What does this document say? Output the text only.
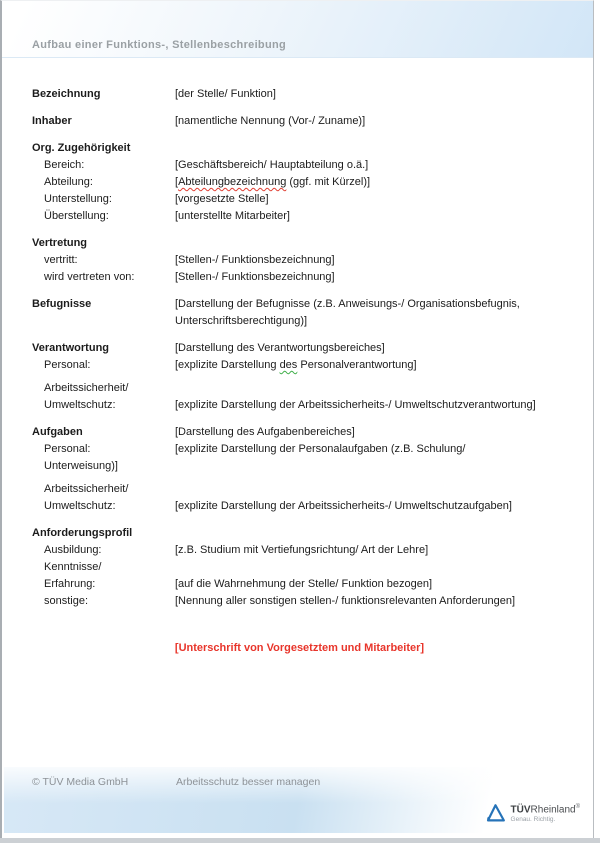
Aufbau einer Funktions-, Stellenbeschreibung
Bezeichnung	[der Stelle/ Funktion]
Inhaber	[namentliche Nennung (Vor-/ Zuname)]
Org. Zugehörigkeit
Bereich:	[Geschäftsbereich/ Hauptabteilung o.ä.]
Abteilung:	[Abteilungbezeichnung (ggf. mit Kürzel)]
Unterstellung:	[vorgesetzte Stelle]
Überstellung:	[unterstellte Mitarbeiter]
Vertretung
vertritt:	[Stellen-/ Funktionsbezeichnung]
wird vertreten von:	[Stellen-/ Funktionsbezeichnung]
Befugnisse	[Darstellung der Befugnisse (z.B. Anweisungs-/ Organisationsbefugnis, Unterschriftsberechtigung)]
Verantwortung	[Darstellung des Verantwortungsbereiches]
Personal:	[explizite Darstellung des Personalverantwortung]
Arbeitssicherheit/
Umweltschutz:	[explizite Darstellung der Arbeitssicherheits-/ Umweltschutzverantwortung]
Aufgaben	[Darstellung des Aufgabenbereiches]
Personal:	[explizite Darstellung der Personalaufgaben (z.B. Schulung/
Unterweisung)]
Arbeitssicherheit/
Umweltschutz:	[explizite Darstellung der Arbeitssicherheits-/ Umweltschutzaufgaben]
Anforderungsprofil
Ausbildung:	[z.B. Studium mit Vertiefungsrichtung/ Art der Lehre]
Kenntnisse/
Erfahrung:	[auf die Wahrnehmung der Stelle/ Funktion bezogen]
sonstige:	[Nennung aller sonstigen stellen-/ funktionsrelevanten Anforderungen]
[Unterschrift von Vorgesetztem und Mitarbeiter]
© TÜV Media GmbH	Arbeitsschutz besser managen
TÜVRheinland®
Genau. Richtig.
